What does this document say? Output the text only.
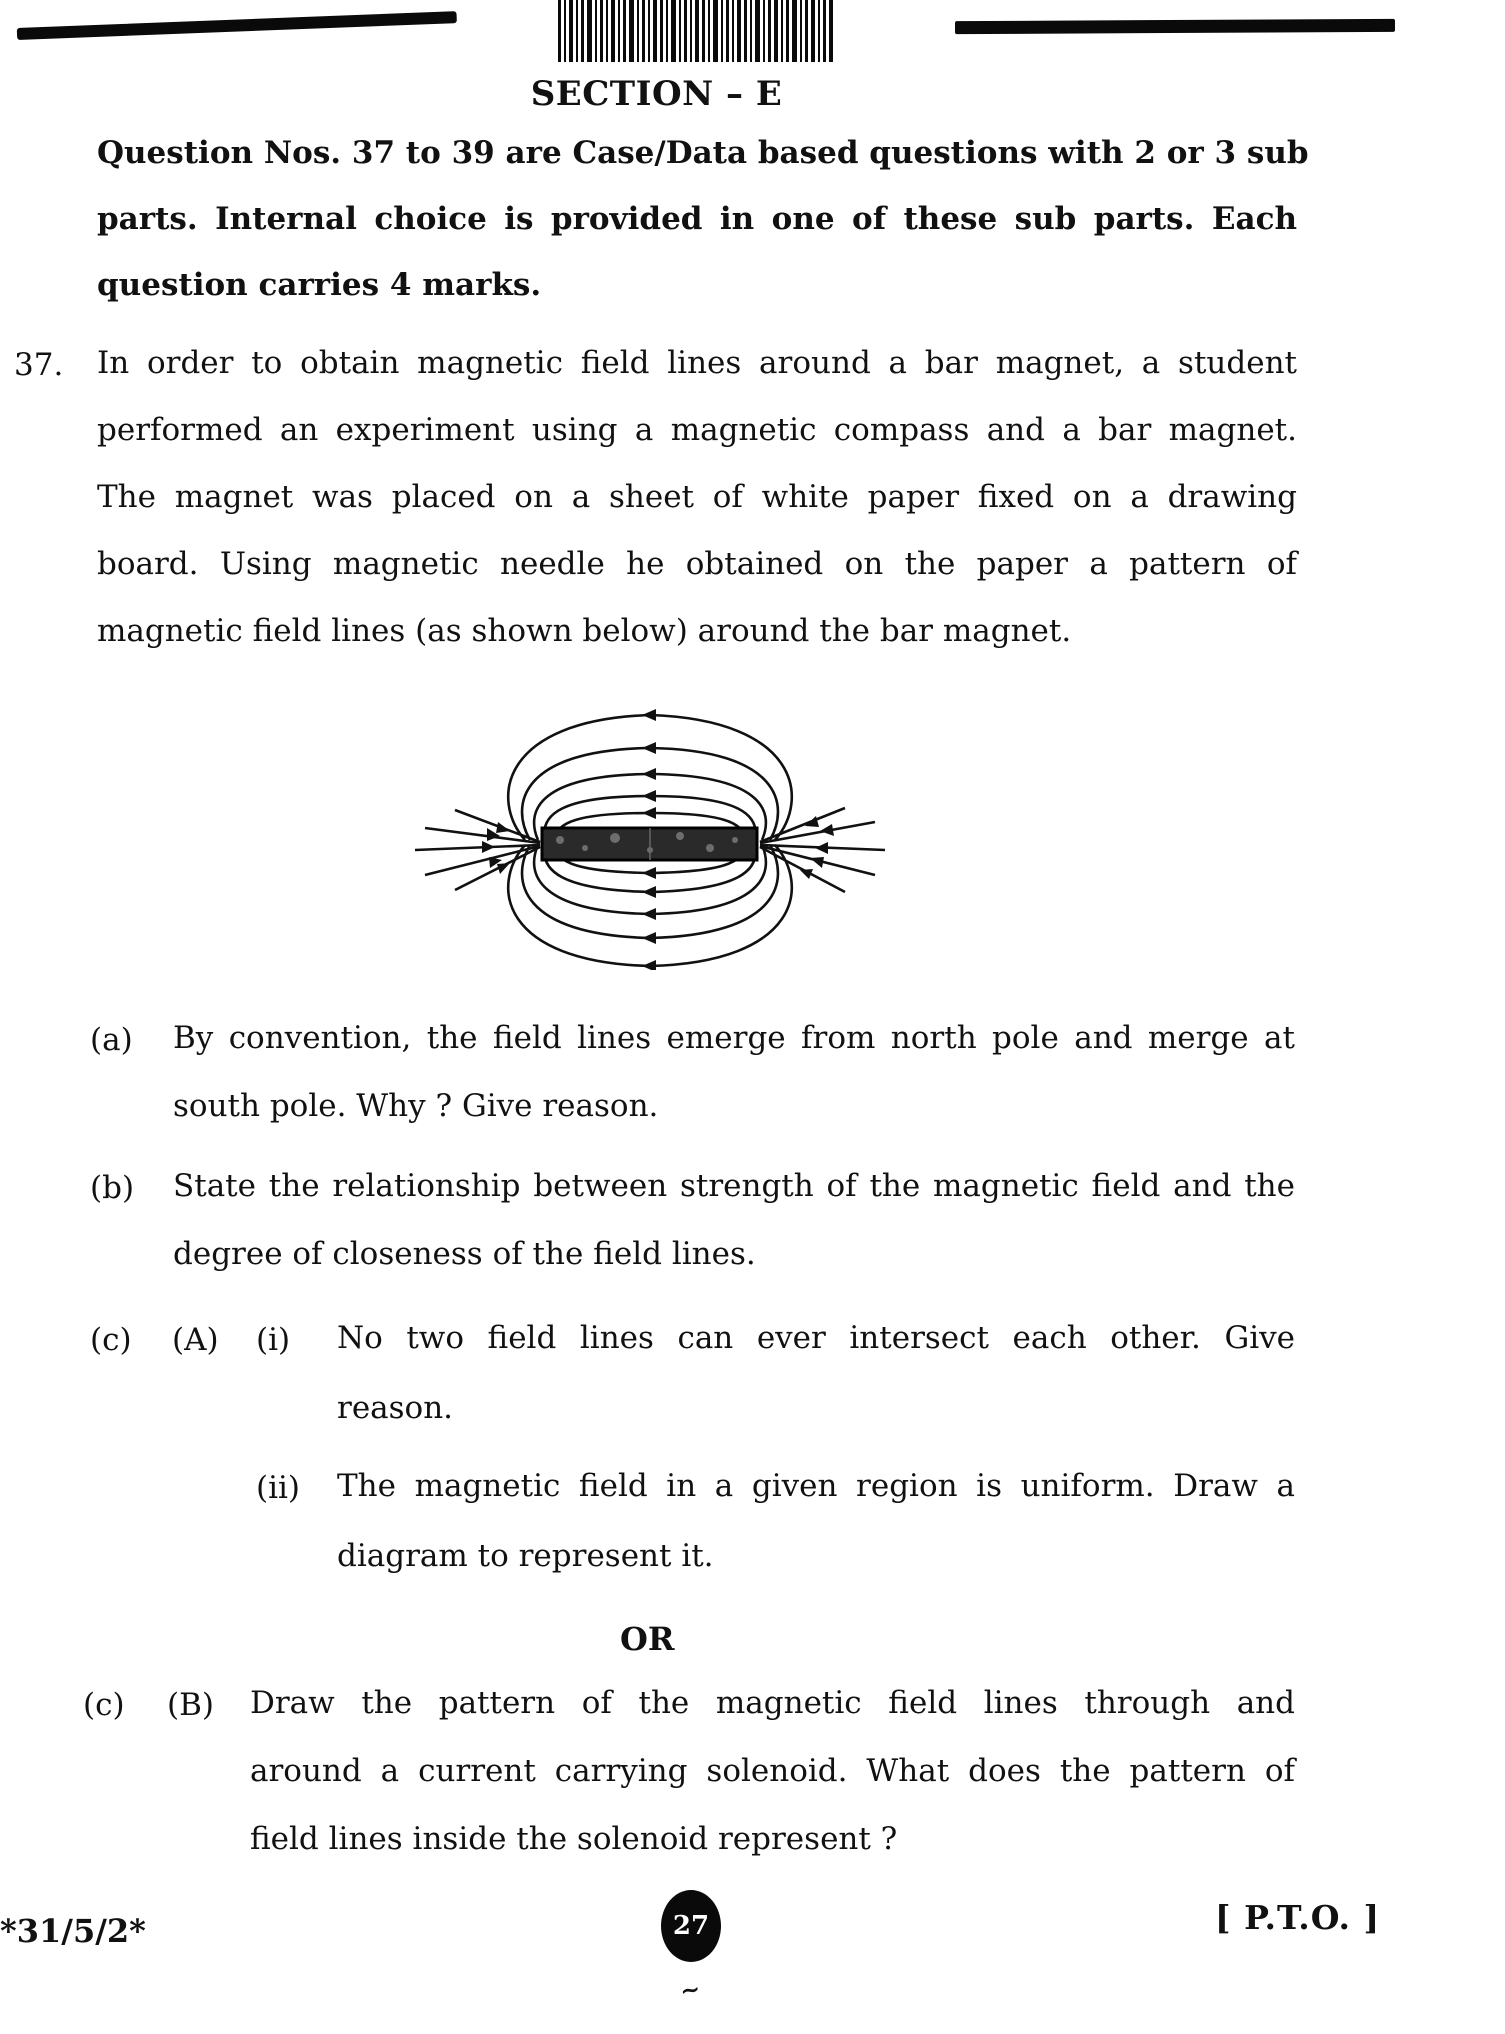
SECTION – E
Question Nos. 37 to 39 are Case/Data based questions with 2 or 3 sub
parts. Internal choice is provided in one of these sub parts. Each
question carries 4 marks.
37. In order to obtain magnetic field lines around a bar magnet, a student
performed an experiment using a magnetic compass and a bar magnet.
The magnet was placed on a sheet of white paper fixed on a drawing
board. Using magnetic needle he obtained on the paper a pattern of
magnetic field lines (as shown below) around the bar magnet.
(a) By convention, the field lines emerge from north pole and merge at
south pole. Why ? Give reason.
(b) State the relationship between strength of the magnetic field and the
degree of closeness of the field lines.
(c) (A) (i) No two field lines can ever intersect each other. Give
reason.
(ii) The magnetic field in a given region is uniform. Draw a
diagram to represent it.
OR
(c) (B) Draw the pattern of the magnetic field lines through and
around a current carrying solenoid. What does the pattern of
field lines inside the solenoid represent ?
*31/5/2*	27
~
[ P.T.O. ]
